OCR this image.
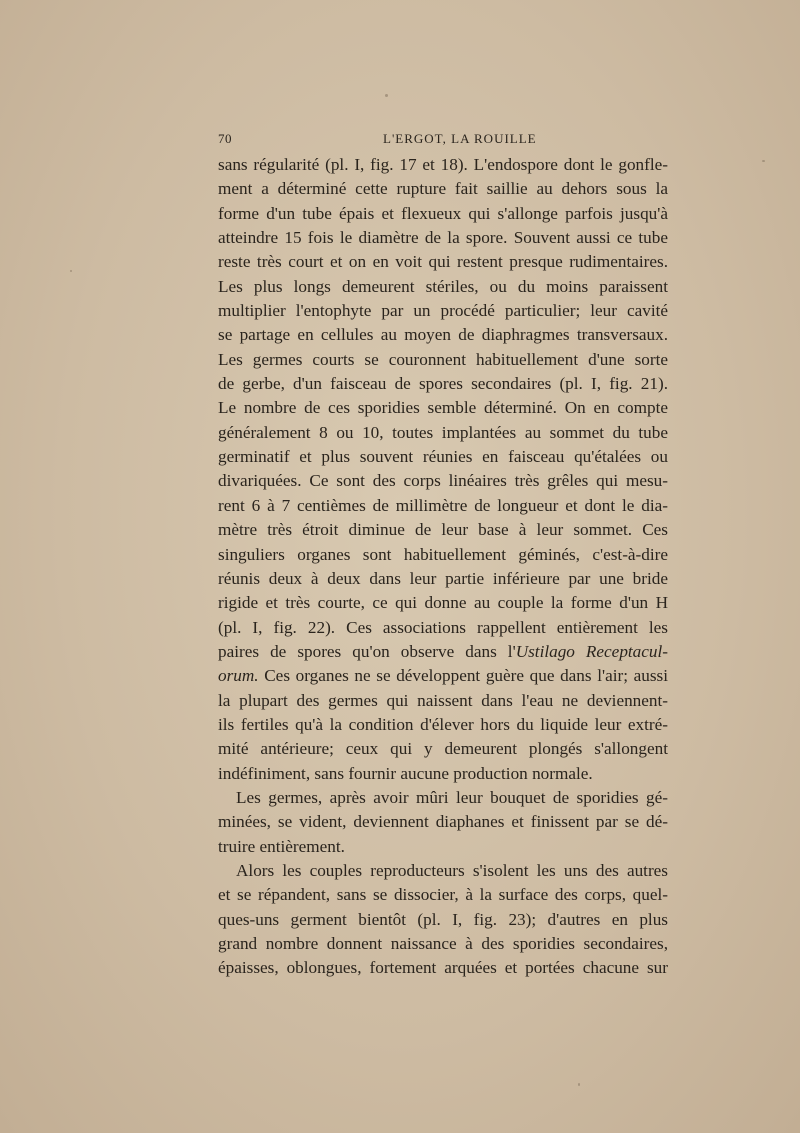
70	L'ERGOT, LA ROUILLE
sans régularité (pl. I, fig. 17 et 18). L'endospore dont le gonfle-
ment a déterminé cette rupture fait saillie au dehors sous la
forme d'un tube épais et flexueux qui s'allonge parfois jusqu'à
atteindre 15 fois le diamètre de la spore. Souvent aussi ce tube
reste très court et on en voit qui restent presque rudimentaires.
Les plus longs demeurent stériles, ou du moins paraissent
multiplier l'entophyte par un procédé particulier; leur cavité
se partage en cellules au moyen de diaphragmes transversaux.
Les germes courts se couronnent habituellement d'une sorte
de gerbe, d'un faisceau de spores secondaires (pl. I, fig. 21).
Le nombre de ces sporidies semble déterminé. On en compte
généralement 8 ou 10, toutes implantées au sommet du tube
germinatif et plus souvent réunies en faisceau qu'étalées ou
divariquées. Ce sont des corps linéaires très grêles qui mesu-
rent 6 à 7 centièmes de millimètre de longueur et dont le dia-
mètre très étroit diminue de leur base à leur sommet. Ces
singuliers organes sont habituellement géminés, c'est-à-dire
réunis deux à deux dans leur partie inférieure par une bride
rigide et très courte, ce qui donne au couple la forme d'un H
(pl. I, fig. 22). Ces associations rappellent entièrement les
paires de spores qu'on observe dans l'Ustilago Receptacul-
orum. Ces organes ne se développent guère que dans l'air; aussi
la plupart des germes qui naissent dans l'eau ne deviennent-
ils fertiles qu'à la condition d'élever hors du liquide leur extré-
mité antérieure; ceux qui y demeurent plongés s'allongent
indéfiniment, sans fournir aucune production normale.
Les germes, après avoir mûri leur bouquet de sporidies gé-
minées, se vident, deviennent diaphanes et finissent par se dé-
truire entièrement.
Alors les couples reproducteurs s'isolent les uns des autres
et se répandent, sans se dissocier, à la surface des corps, quel-
ques-uns germent bientôt (pl. I, fig. 23); d'autres en plus
grand nombre donnent naissance à des sporidies secondaires,
épaisses, oblongues, fortement arquées et portées chacune sur
